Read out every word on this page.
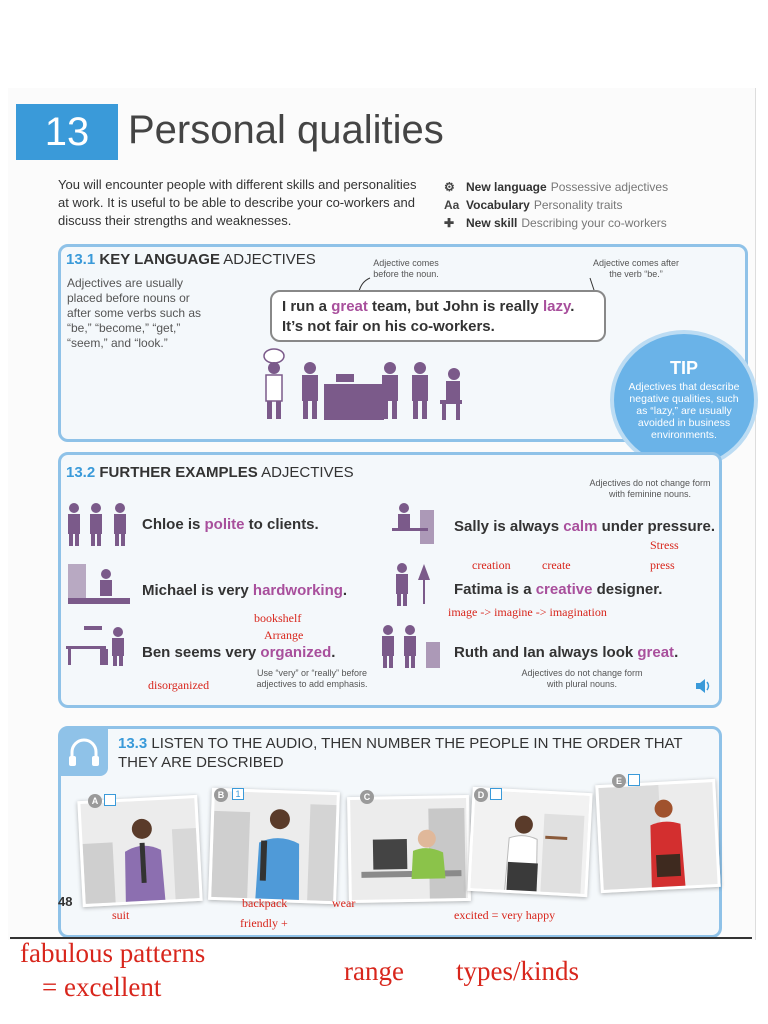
13 Personal qualities

You will encounter people with different skills and personalities at work. It is useful to be able to describe your co-workers and discuss their strengths and weaknesses.

⚙ New language Possessive adjectives
Aa Vocabulary Personality traits
✚ New skill Describing your co-workers
13.1 KEY LANGUAGE ADJECTIVES

Adjectives are usually placed before nouns or after some verbs such as “be,” “become,” “get,” “seem,” and “look.”

Adjective comes before the noun.

Adjective comes after the verb “be.”

I run a great team, but John is really lazy.
It’s not fair on his co-workers.
TIP
Adjectives that describe negative qualities, such as “lazy,” are usually avoided in business environments.
13.2 FURTHER EXAMPLES ADJECTIVES

Adjectives do not change form with feminine nouns.

Use “very” or “really” before adjectives to add emphasis.

Adjectives do not change form with plural nouns.

Chloe is polite to clients.
Michael is very hardworking.
Ben seems very organized.
Sally is always calm under pressure.
Fatima is a creative designer.
Ruth and Ian always look great.
13.3 LISTEN TO THE AUDIO, THEN NUMBER THE PEOPLE IN THE ORDER THAT THEY ARE DESCRIBED
A
B	1	C	D
E
48
Stress
press
creation	create
image -> imagine -> imagination
bookshelf
Arrange
disorganized
suit
backpack
friendly +
wear
excited = very happy
fabulous patterns
= excellent
range types/kinds
